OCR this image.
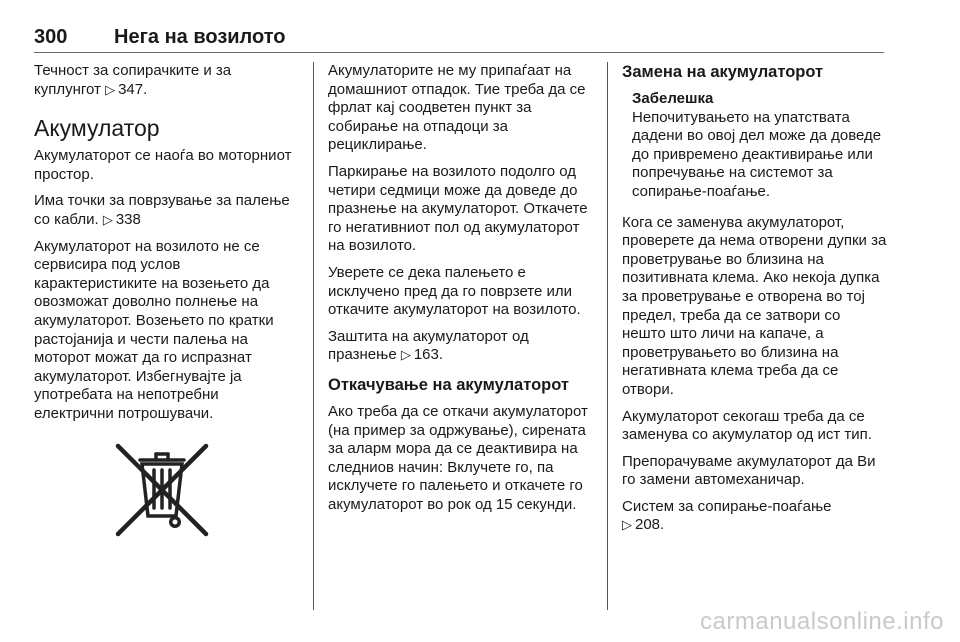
300 Нега на возилото

Течност за сопирачките и за куплунгот ▷ 347.

Акумулатор

Акумулаторот се наоѓа во моторниот простор.

Има точки за поврзување за палење со кабли. ▷ 338

Акумулаторот на возилото не се сервисира под услов карактеристиките на возењето да овозможат доволно полнење на акумулаторот. Возењето по кратки растојанија и чести палења на моторот можат да го испразнат акумулаторот. Избегнувајте ја употребата на непотребни електрични потрошувачи.

Акумулаторите не му припаѓаат на домашниот отпадок. Тие треба да се фрлат кај соодветен пункт за собирање на отпадоци за рециклирање.

Паркирање на возилото подолго од четири седмици може да доведе до празнење на акумулаторот. Откачете го негативниот пол од акумулаторот на возилото.

Уверете се дека палењето е исклучено пред да го поврзете или откачите акумулаторот на возилото.

Заштита на акумулаторот од празнење ▷ 163.

Откачување на акумулаторот

Ако треба да се откачи акумулаторот (на пример за одржување), сирената за аларм мора да се деактивира на следниов начин: Вклучете го, па исклучете го палењето и откачете го акумулаторот во рок од 15 секунди.

Замена на акумулаторот
Забелешка
Непочитувањето на упатствата дадени во овој дел може да доведе до привремено деактивирање или попречување на системот за сопирање-поаѓање.

Кога се заменува акумулаторот, проверете да нема отворени дупки за проветрување во близина на позитивната клема. Ако некоја дупка за проветрување е отворена во тој предел, треба да се затвори со нешто што личи на капаче, а проветрувањето во близина на негативната клема треба да се отвори.

Акумулаторот секогаш треба да се заменува со акумулатор од ист тип.

Препорачуваме акумулаторот да Ви го замени автомеханичар.

Систем за сопирање-поаѓање
▷ 208.

carmanualsonline.info
